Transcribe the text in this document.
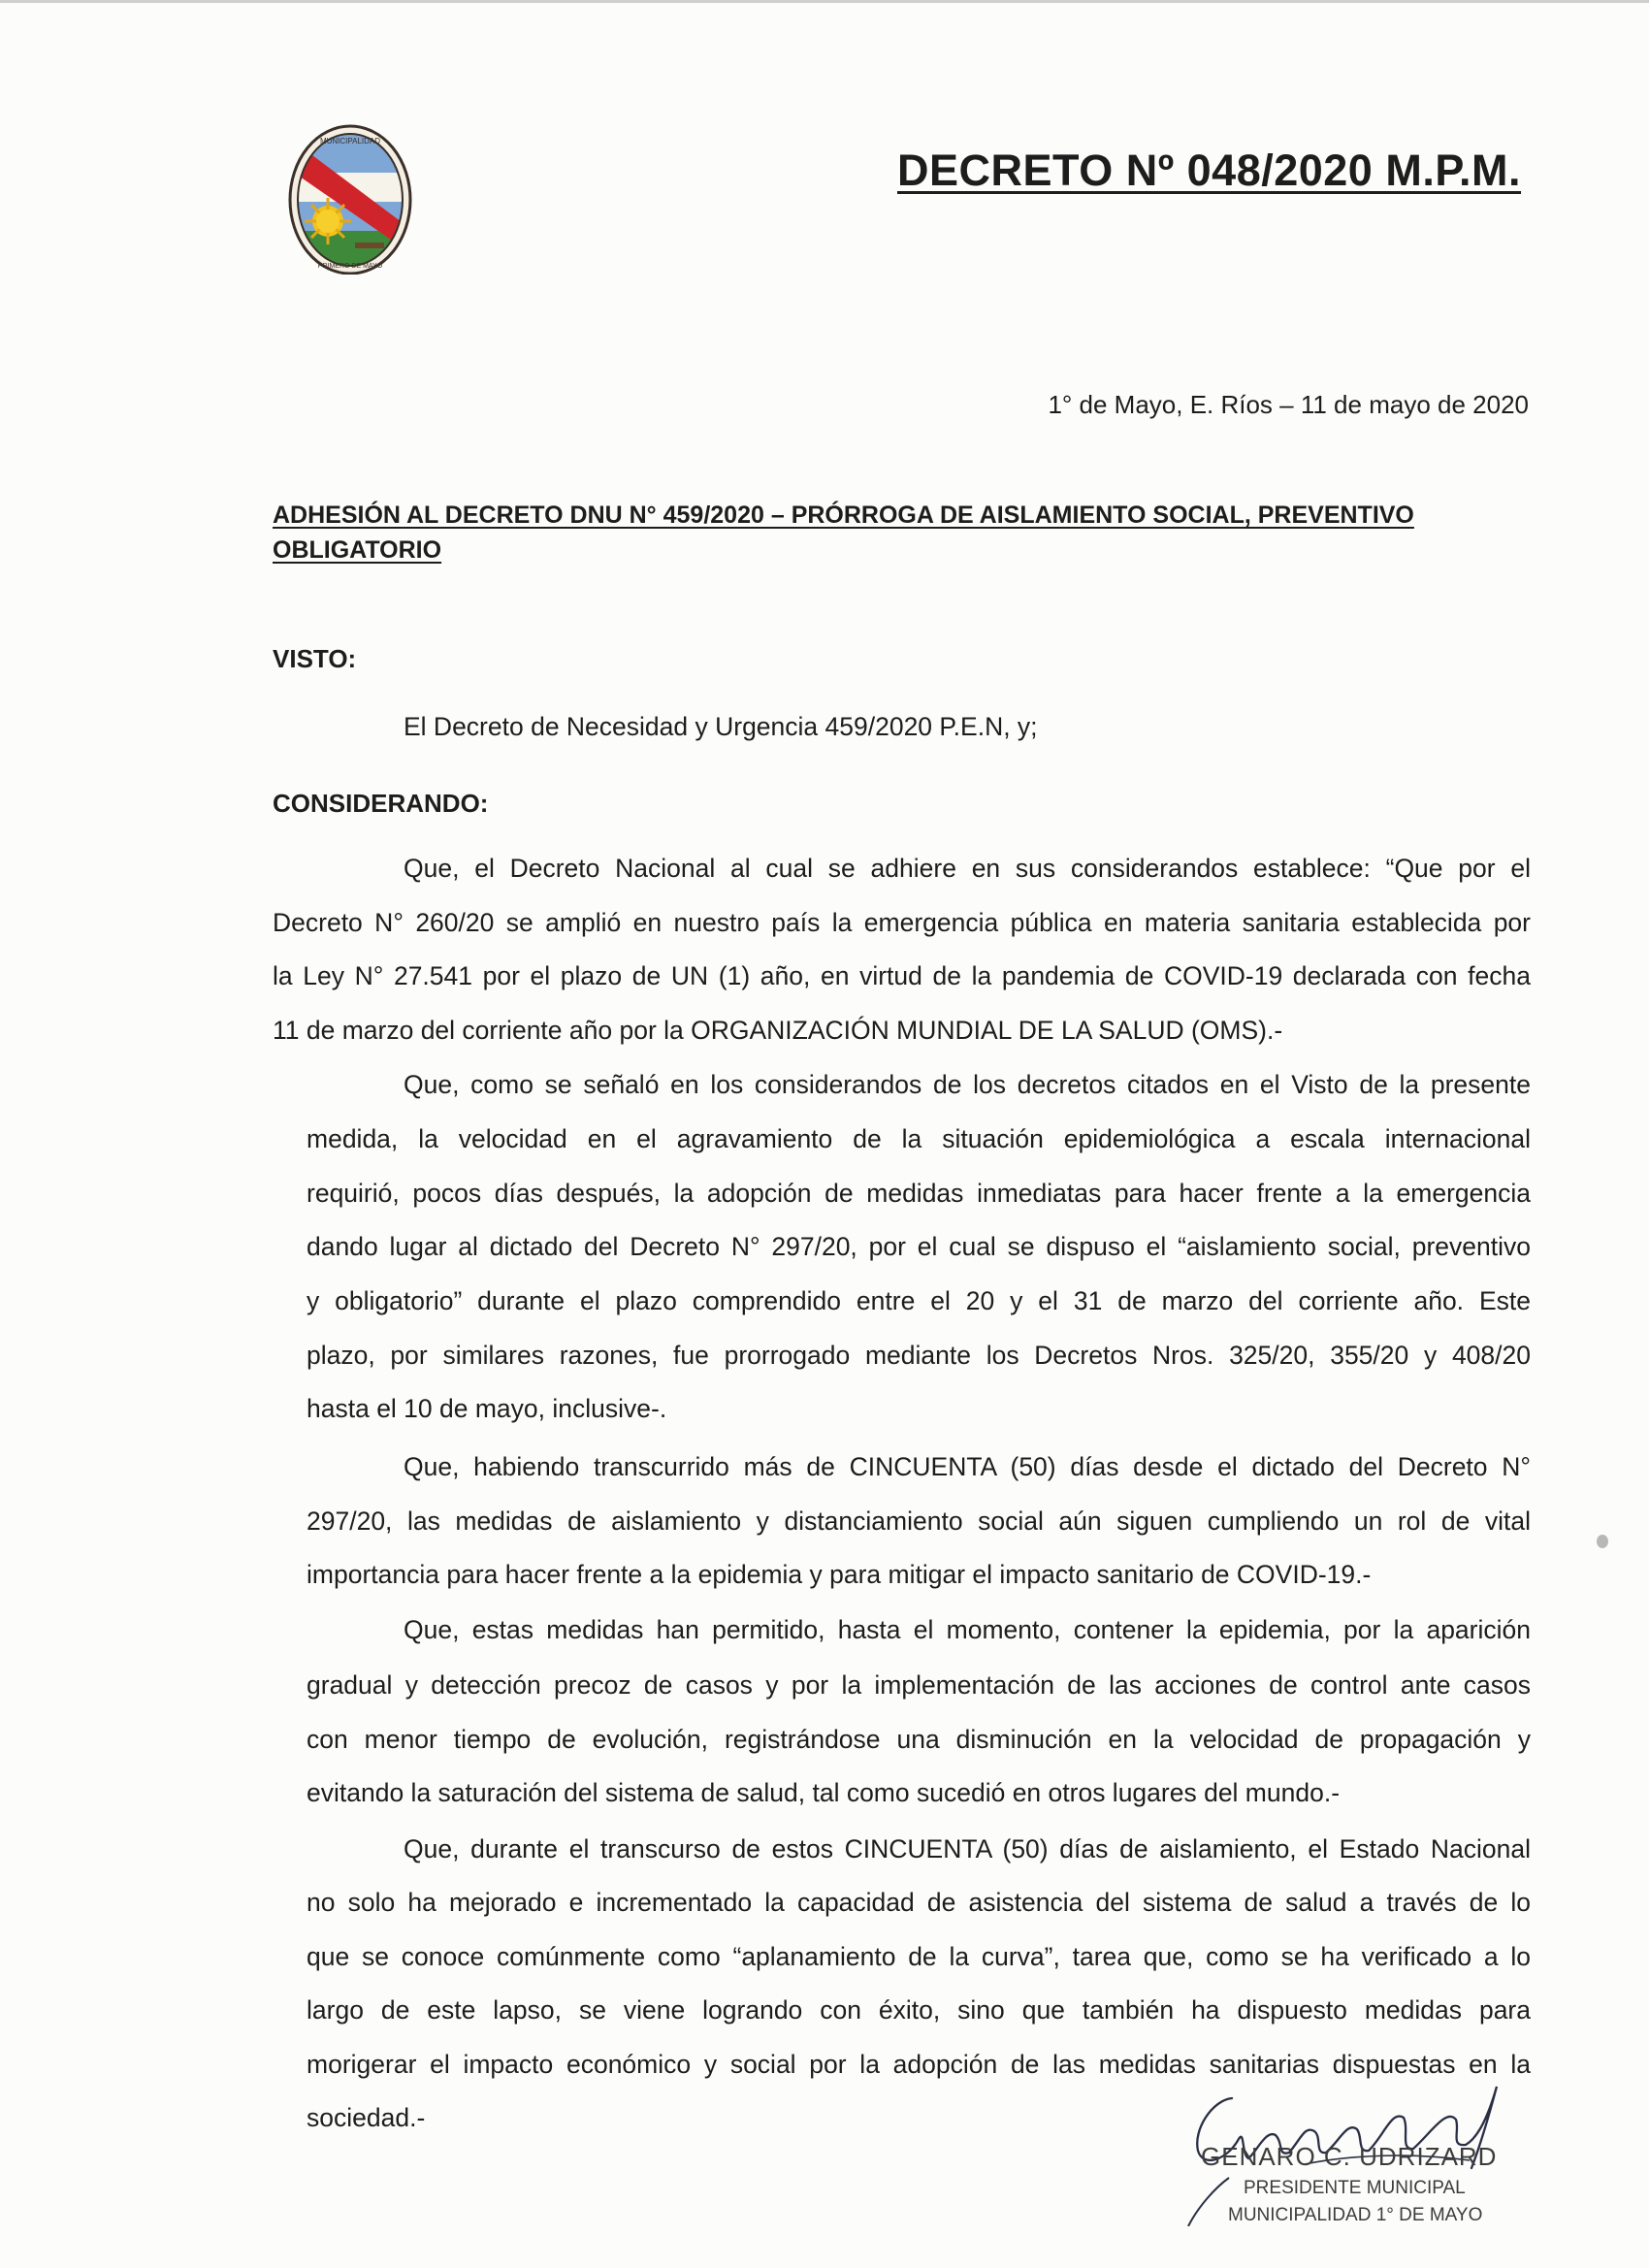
MUNICIPALIDAD
PRIMERO DE MAYO
DECRETO Nº 048/2020 M.P.M.
1° de Mayo, E. Ríos – 11 de mayo de 2020
ADHESIÓN AL DECRETO DNU N° 459/2020 – PRÓRROGA DE AISLAMIENTO SOCIAL, PREVENTIVO
OBLIGATORIO
VISTO:
El Decreto de Necesidad y Urgencia 459/2020 P.E.N, y;
CONSIDERANDO:
Que, el Decreto Nacional al cual se adhiere en sus considerandos establece: “Que por el
Decreto N° 260/20 se amplió en nuestro país la emergencia pública en materia sanitaria establecida por
la Ley N° 27.541 por el plazo de UN (1) año, en virtud de la pandemia de COVID-19 declarada con fecha
11 de marzo del corriente año por la ORGANIZACIÓN MUNDIAL DE LA SALUD (OMS).-
Que, como se señaló en los considerandos de los decretos citados en el Visto de la presente
medida, la velocidad en el agravamiento de la situación epidemiológica a escala internacional
requirió, pocos días después, la adopción de medidas inmediatas para hacer frente a la emergencia
dando lugar al dictado del Decreto N° 297/20, por el cual se dispuso el “aislamiento social, preventivo
y obligatorio” durante el plazo comprendido entre el 20 y el 31 de marzo del corriente año. Este
plazo, por similares razones, fue prorrogado mediante los Decretos Nros. 325/20, 355/20 y 408/20
hasta el 10 de mayo, inclusive-.
Que, habiendo transcurrido más de CINCUENTA (50) días desde el dictado del Decreto N°
297/20, las medidas de aislamiento y distanciamiento social aún siguen cumpliendo un rol de vital
importancia para hacer frente a la epidemia y para mitigar el impacto sanitario de COVID-19.-
Que, estas medidas han permitido, hasta el momento, contener la epidemia, por la aparición
gradual y detección precoz de casos y por la implementación de las acciones de control ante casos
con menor tiempo de evolución, registrándose una disminución en la velocidad de propagación y
evitando la saturación del sistema de salud, tal como sucedió en otros lugares del mundo.-
Que, durante el transcurso de estos CINCUENTA (50) días de aislamiento, el Estado Nacional
no solo ha mejorado e incrementado la capacidad de asistencia del sistema de salud a través de lo
que se conoce comúnmente como “aplanamiento de la curva”, tarea que, como se ha verificado a lo
largo de este lapso, se viene logrando con éxito, sino que también ha dispuesto medidas para
morigerar el impacto económico y social por la adopción de las medidas sanitarias dispuestas en la
sociedad.-
GENARO C. UDRIZARD
PRESIDENTE MUNICIPAL
MUNICIPALIDAD 1° DE MAYO
